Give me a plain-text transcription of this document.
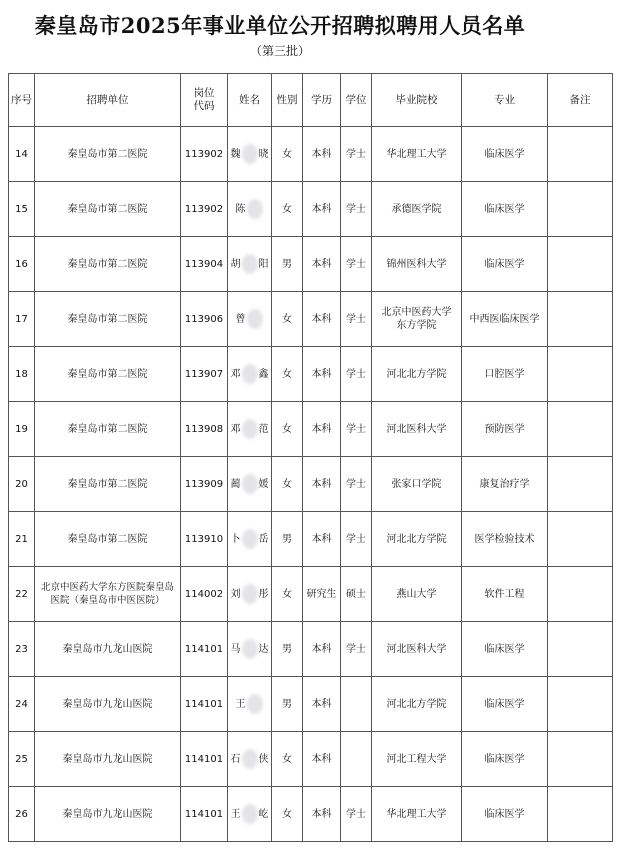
秦皇岛市2025年事业单位公开招聘拟聘用人员名单
（第三批）
序号	招聘单位	岗位代码	姓名	性别	学历	学位	毕业院校	专业	备注
14	秦皇岛市第二医院	113902	魏 晓	女	本科	学士	华北理工大学	临床医学	
15	秦皇岛市第二医院	113902	陈	女	本科	学士	承德医学院	临床医学	
16	秦皇岛市第二医院	113904	胡 阳	男	本科	学士	锦州医科大学	临床医学	
17	秦皇岛市第二医院	113906	曾	女	本科	学士	北京中医药大学东方学院	中西医临床医学	
18	秦皇岛市第二医院	113907	邓 鑫	女	本科	学士	河北北方学院	口腔医学	
19	秦皇岛市第二医院	113908	邓 范	女	本科	学士	河北医科大学	预防医学	
20	秦皇岛市第二医院	113909	蔺 媛	女	本科	学士	张家口学院	康复治疗学	
21	秦皇岛市第二医院	113910	卜 岳	男	本科	学士	河北北方学院	医学检验技术	
22	北京中医药大学东方医院秦皇岛医院（秦皇岛市中医医院）	114002	刘 彤	女	研究生	硕士	燕山大学	软件工程	
23	秦皇岛市九龙山医院	114101	马 达	男	本科	学士	河北医科大学	临床医学	
24	秦皇岛市九龙山医院	114101	王	男	本科		河北北方学院	临床医学	
25	秦皇岛市九龙山医院	114101	石 侠	女	本科		河北工程大学	临床医学	
26	秦皇岛市九龙山医院	114101	王 屹	女	本科	学士	华北理工大学	临床医学	
